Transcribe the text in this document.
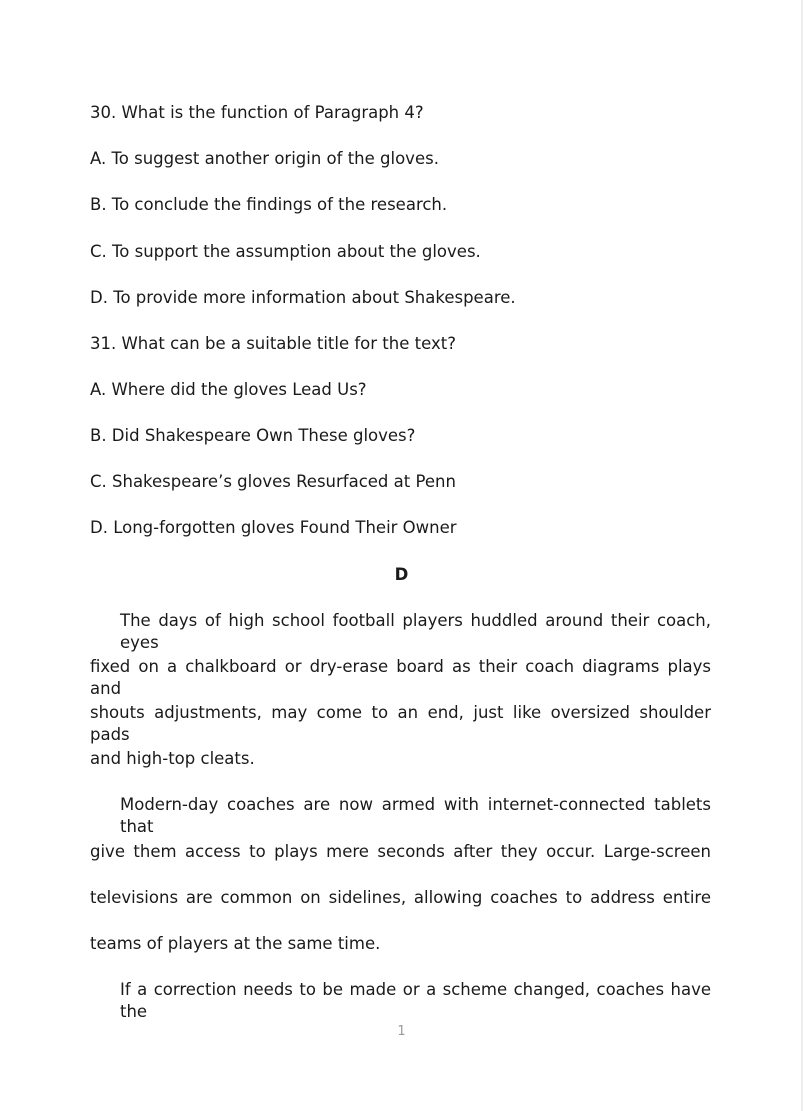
30. What is the function of Paragraph 4?
A. To suggest another origin of the gloves.
B. To conclude the findings of the research.
C. To support the assumption about the gloves.
D. To provide more information about Shakespeare.
31. What can be a suitable title for the text?
A. Where did the gloves Lead Us?
B. Did Shakespeare Own These gloves?
C. Shakespeare’s gloves Resurfaced at Penn
D. Long-forgotten gloves Found Their Owner
D
The days of high school football players huddled around their coach, eyes
fixed on a chalkboard or dry-erase board as their coach diagrams plays and
shouts adjustments, may come to an end, just like oversized shoulder pads
and high-top cleats.
Modern-day coaches are now armed with internet-connected tablets that
give them access to plays mere seconds after they occur. Large-screen
televisions are common on sidelines, allowing coaches to address entire
teams of players at the same time.
If a correction needs to be made or a scheme changed, coaches have the
1
